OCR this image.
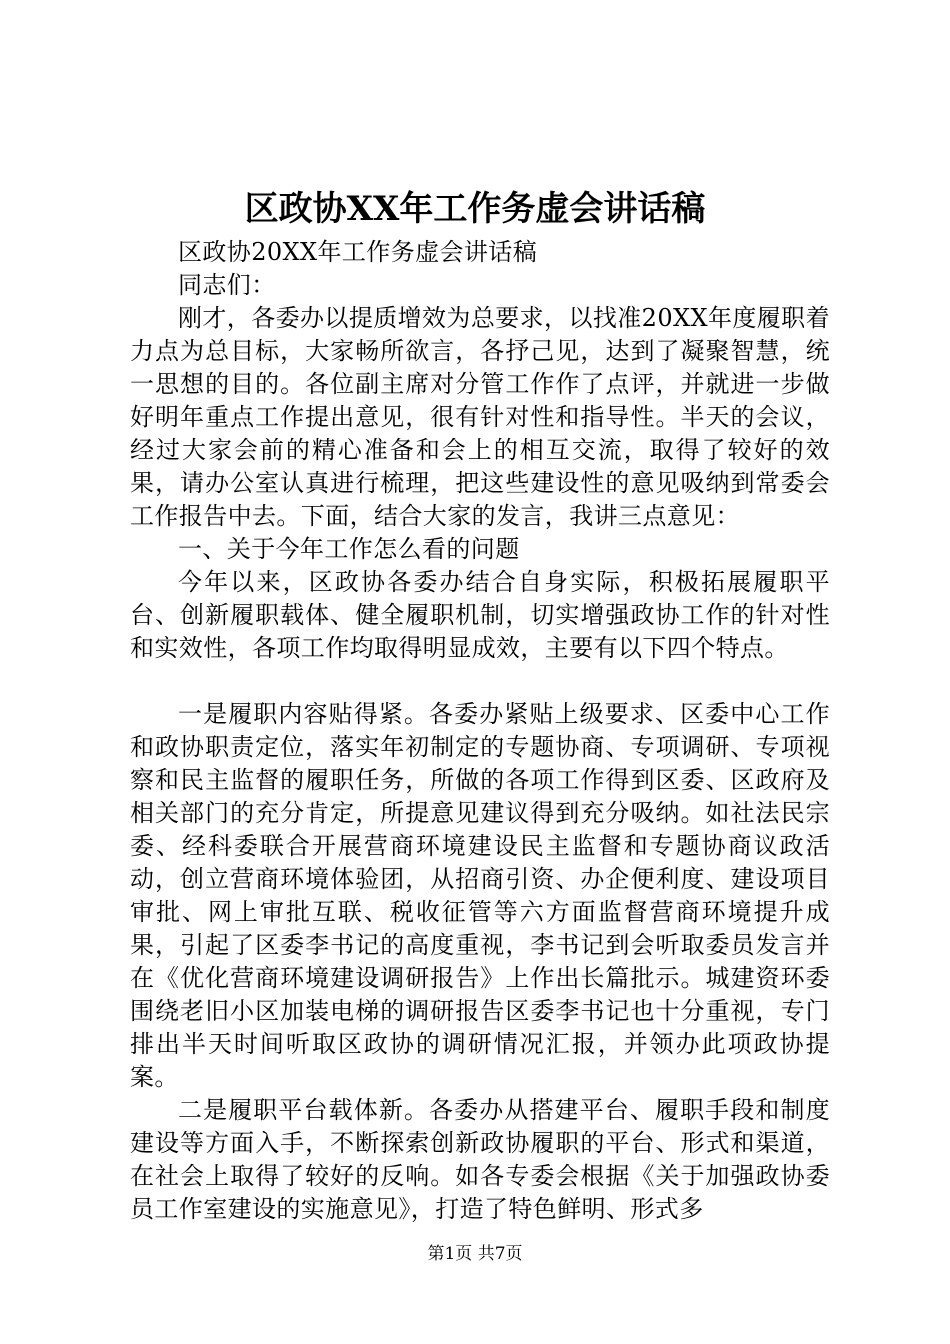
区政协XX年工作务虚会讲话稿

区政协20XX年工作务虚会讲话稿

同志们：

刚才，各委办以提质增效为总要求，以找准20XX年度履职着力点为总目标，大家畅所欲言，各抒己见，达到了凝聚智慧，统一思想的目的。各位副主席对分管工作作了点评，并就进一步做好明年重点工作提出意见，很有针对性和指导性。半天的会议，经过大家会前的精心准备和会上的相互交流，取得了较好的效果，请办公室认真进行梳理，把这些建设性的意见吸纳到常委会工作报告中去。下面，结合大家的发言，我讲三点意见：

一、关于今年工作怎么看的问题

今年以来，区政协各委办结合自身实际，积极拓展履职平台、创新履职载体、健全履职机制，切实增强政协工作的针对性和实效性，各项工作均取得明显成效，主要有以下四个特点。

一是履职内容贴得紧。各委办紧贴上级要求、区委中心工作和政协职责定位，落实年初制定的专题协商、专项调研、专项视察和民主监督的履职任务，所做的各项工作得到区委、区政府及相关部门的充分肯定，所提意见建议得到充分吸纳。如社法民宗委、经科委联合开展营商环境建设民主监督和专题协商议政活动，创立营商环境体验团，从招商引资、办企便利度、建设项目审批、网上审批互联、税收征管等六方面监督营商环境提升成果，引起了区委李书记的高度重视，李书记到会听取委员发言并在《优化营商环境建设调研报告》上作出长篇批示。城建资环委围绕老旧小区加装电梯的调研报告区委李书记也十分重视，专门排出半天时间听取区政协的调研情况汇报，并领办此项政协提案。

二是履职平台载体新。各委办从搭建平台、履职手段和制度建设等方面入手，不断探索创新政协履职的平台、形式和渠道，在社会上取得了较好的反响。如各专委会根据《关于加强政协委员工作室建设的实施意见》，打造了特色鲜明、形式多

第1页 共7页
